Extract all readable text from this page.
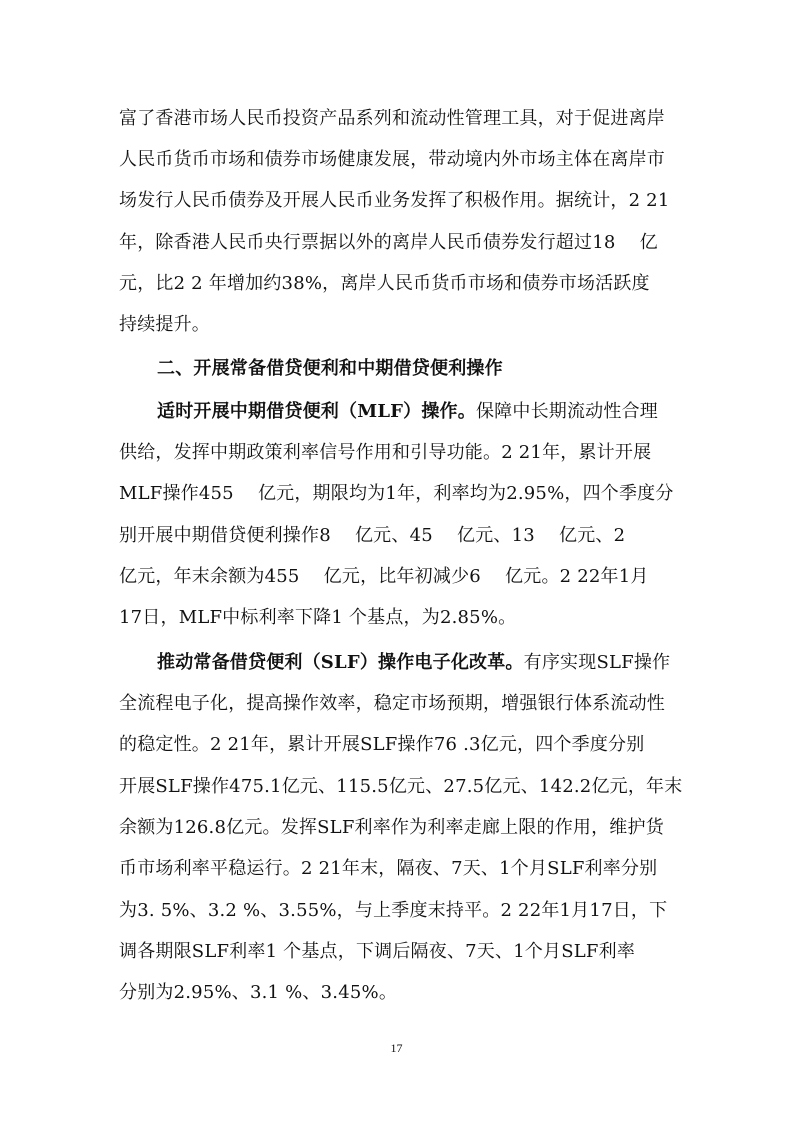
富了香港市场人民币投资产品系列和流动性管理工具，对于促进离岸
人民币货币市场和债券市场健康发展，带动境内外市场主体在离岸市
场发行人民币债券及开展人民币业务发挥了积极作用。据统计，2 21
年，除香港人民币央行票据以外的离岸人民币债券发行超过18　 亿
元，比2 2 年增加约38%，离岸人民币货币市场和债券市场活跃度
持续提升。
二、开展常备借贷便利和中期借贷便利操作
适时开展中期借贷便利（MLF）操作。保障中长期流动性合理
供给，发挥中期政策利率信号作用和引导功能。2 21年，累计开展
MLF操作455　 亿元，期限均为1年，利率均为2.95%，四个季度分
别开展中期借贷便利操作8　 亿元、45　 亿元、13　 亿元、2
亿元，年末余额为455　 亿元，比年初减少6　 亿元。2 22年1月
17日，MLF中标利率下降1 个基点，为2.85%。
推动常备借贷便利（SLF）操作电子化改革。有序实现SLF操作
全流程电子化，提高操作效率，稳定市场预期，增强银行体系流动性
的稳定性。2 21年，累计开展SLF操作76 .3亿元，四个季度分别
开展SLF操作475.1亿元、115.5亿元、27.5亿元、142.2亿元，年末
余额为126.8亿元。发挥SLF利率作为利率走廊上限的作用，维护货
币市场利率平稳运行。2 21年末，隔夜、7天、1个月SLF利率分别
为3. 5%、3.2 %、3.55%，与上季度末持平。2 22年1月17日，下
调各期限SLF利率1 个基点，下调后隔夜、7天、1个月SLF利率
分别为2.95%、3.1 %、3.45%。
17
